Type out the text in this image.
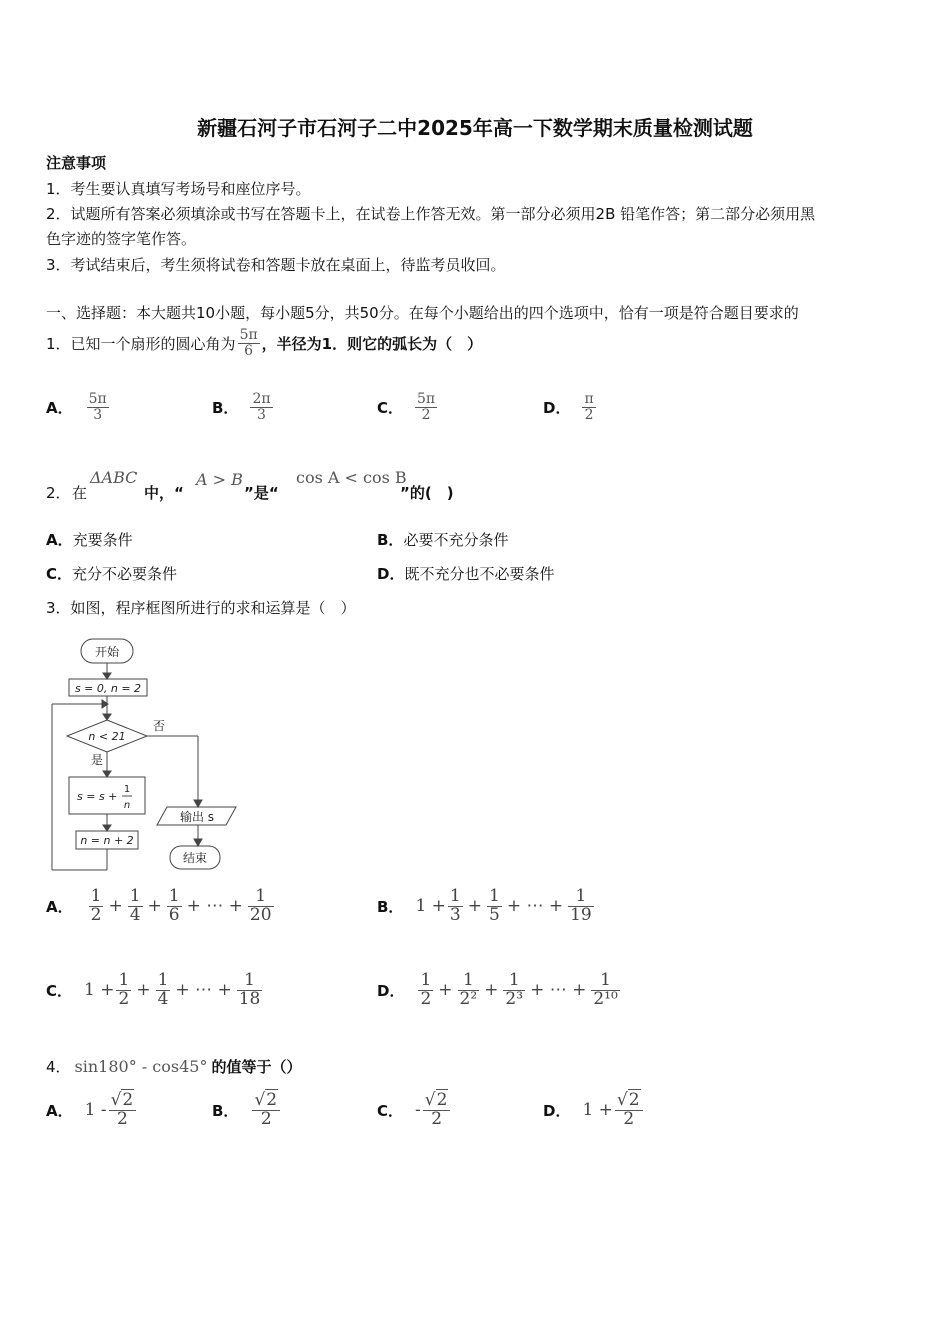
新疆石河子市石河子二中2025年高一下数学期末质量检测试题
注意事项
1．考生要认真填写考场号和座位序号。
2．试题所有答案必须填涂或书写在答题卡上，在试卷上作答无效。第一部分必须用2B 铅笔作答；第二部分必须用黑
色字迹的签字笔作答。
3．考试结束后，考生须将试卷和答题卡放在桌面上，待监考员收回。
一、选择题：本大题共10小题，每小题5分，共50分。在每个小题给出的四个选项中，恰有一项是符合题目要求的
1． 已知一个扇形的圆心角为 $\frac{5\pi}{6}$ ，半径为1．则它的弧长为（　）
A． $\frac{5\pi}{3}$	B． $\frac{2\pi}{3}$	C． $\frac{5\pi}{2}$	D． $\frac{\pi}{2}$
2． 在
ΔABC
中，“
A > B
”是“
cos A < cos B
”的(　)
A．充要条件	B．必要不充分条件
C．充分不必要条件	D．既不充分也不必要条件
3．如图，程序框图所进行的求和运算是（　）
开始
s = 0, n = 2
n < 21
否
是
s = s +
1
n
n = n + 2
输出 s
结束
A． $\frac{1}{2} + \frac{1}{4} + \frac{1}{6}$ + ⋯ + $\frac{1}{20}$	B． $1 + \frac{1}{3} + \frac{1}{5}$ + ⋯ + $\frac{1}{19}$
C． $1 + \frac{1}{2} + \frac{1}{4}$ + ⋯ + $\frac{1}{18}$	D． $\frac{1}{2} + \frac{1}{\text{2²}} + \frac{1}{\text{2³}}$ + ⋯ + $\frac{1}{\text{2¹⁰}}$
4． sin180° - cos45° 的值等于（）
A． $1 - \frac{√2}{2}$	B． $\frac{√2}{2}$	C． - $\frac{√2}{2}$	D． $1 + \frac{√2}{2}$
